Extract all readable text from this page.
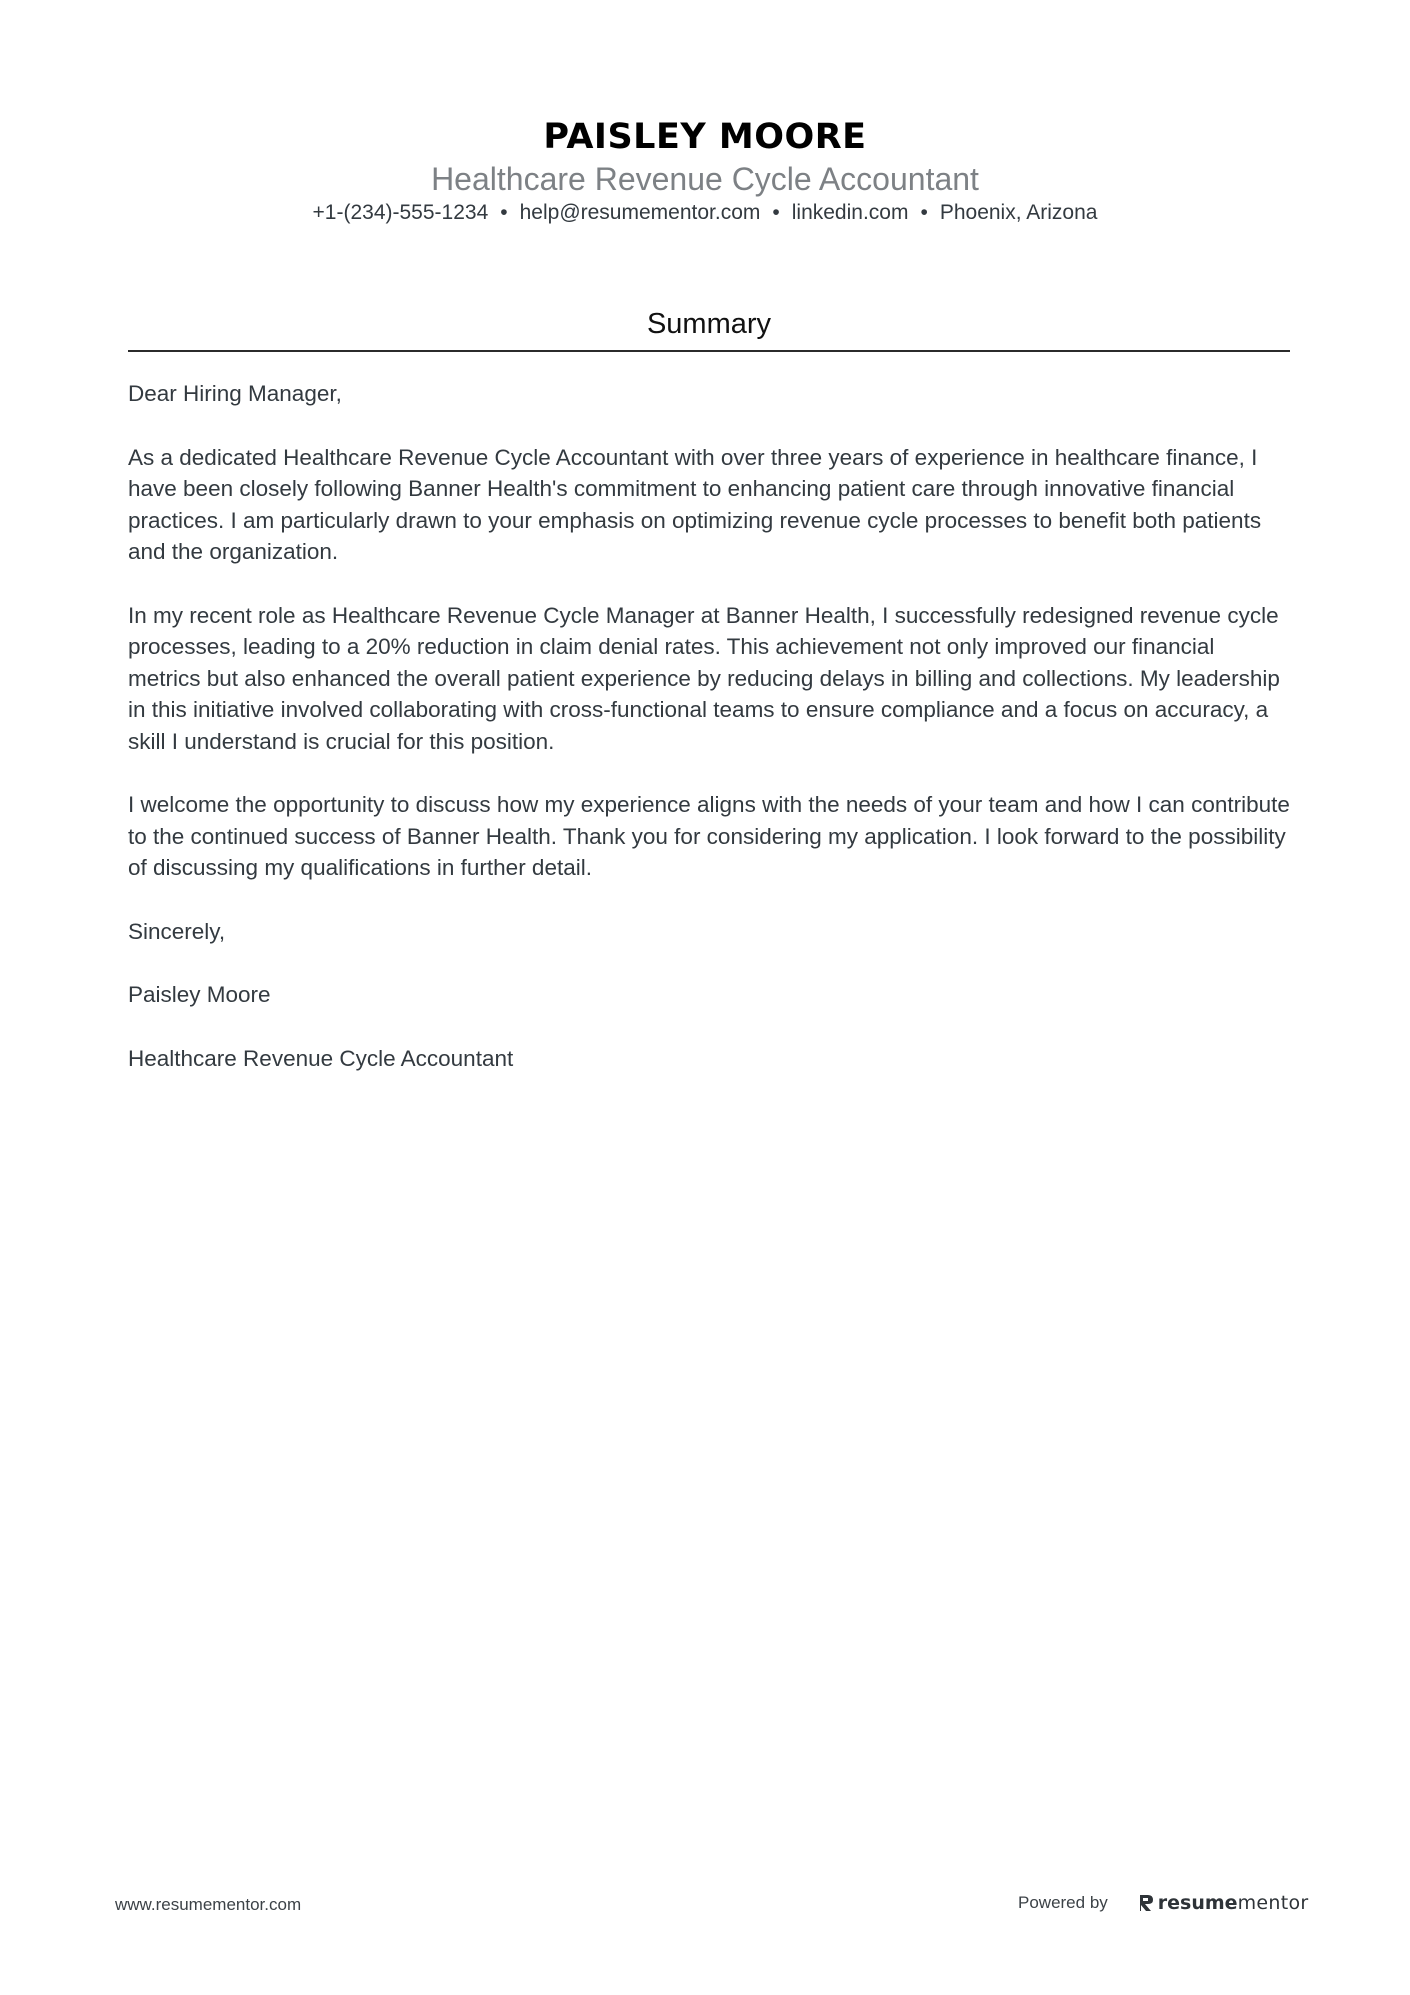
PAISLEY MOORE
Healthcare Revenue Cycle Accountant
+1-(234)-555-1234 • help@resumementor.com • linkedin.com • Phoenix, Arizona
Summary

Dear Hiring Manager,

As a dedicated Healthcare Revenue Cycle Accountant with over three years of experience in healthcare finance, I have been closely following Banner Health's commitment to enhancing patient care through innovative financial practices. I am particularly drawn to your emphasis on optimizing revenue cycle processes to benefit both patients and the organization.

In my recent role as Healthcare Revenue Cycle Manager at Banner Health, I successfully redesigned revenue cycle processes, leading to a 20% reduction in claim denial rates. This achievement not only improved our financial metrics but also enhanced the overall patient experience by reducing delays in billing and collections. My leadership in this initiative involved collaborating with cross-functional teams to ensure compliance and a focus on accuracy, a skill I understand is crucial for this position.

I welcome the opportunity to discuss how my experience aligns with the needs of your team and how I can contribute to the continued success of Banner Health. Thank you for considering my application. I look forward to the possibility of discussing my qualifications in further detail.

Sincerely,

Paisley Moore

Healthcare Revenue Cycle Accountant

www.resumementor.com	Powered by	resume mentor
